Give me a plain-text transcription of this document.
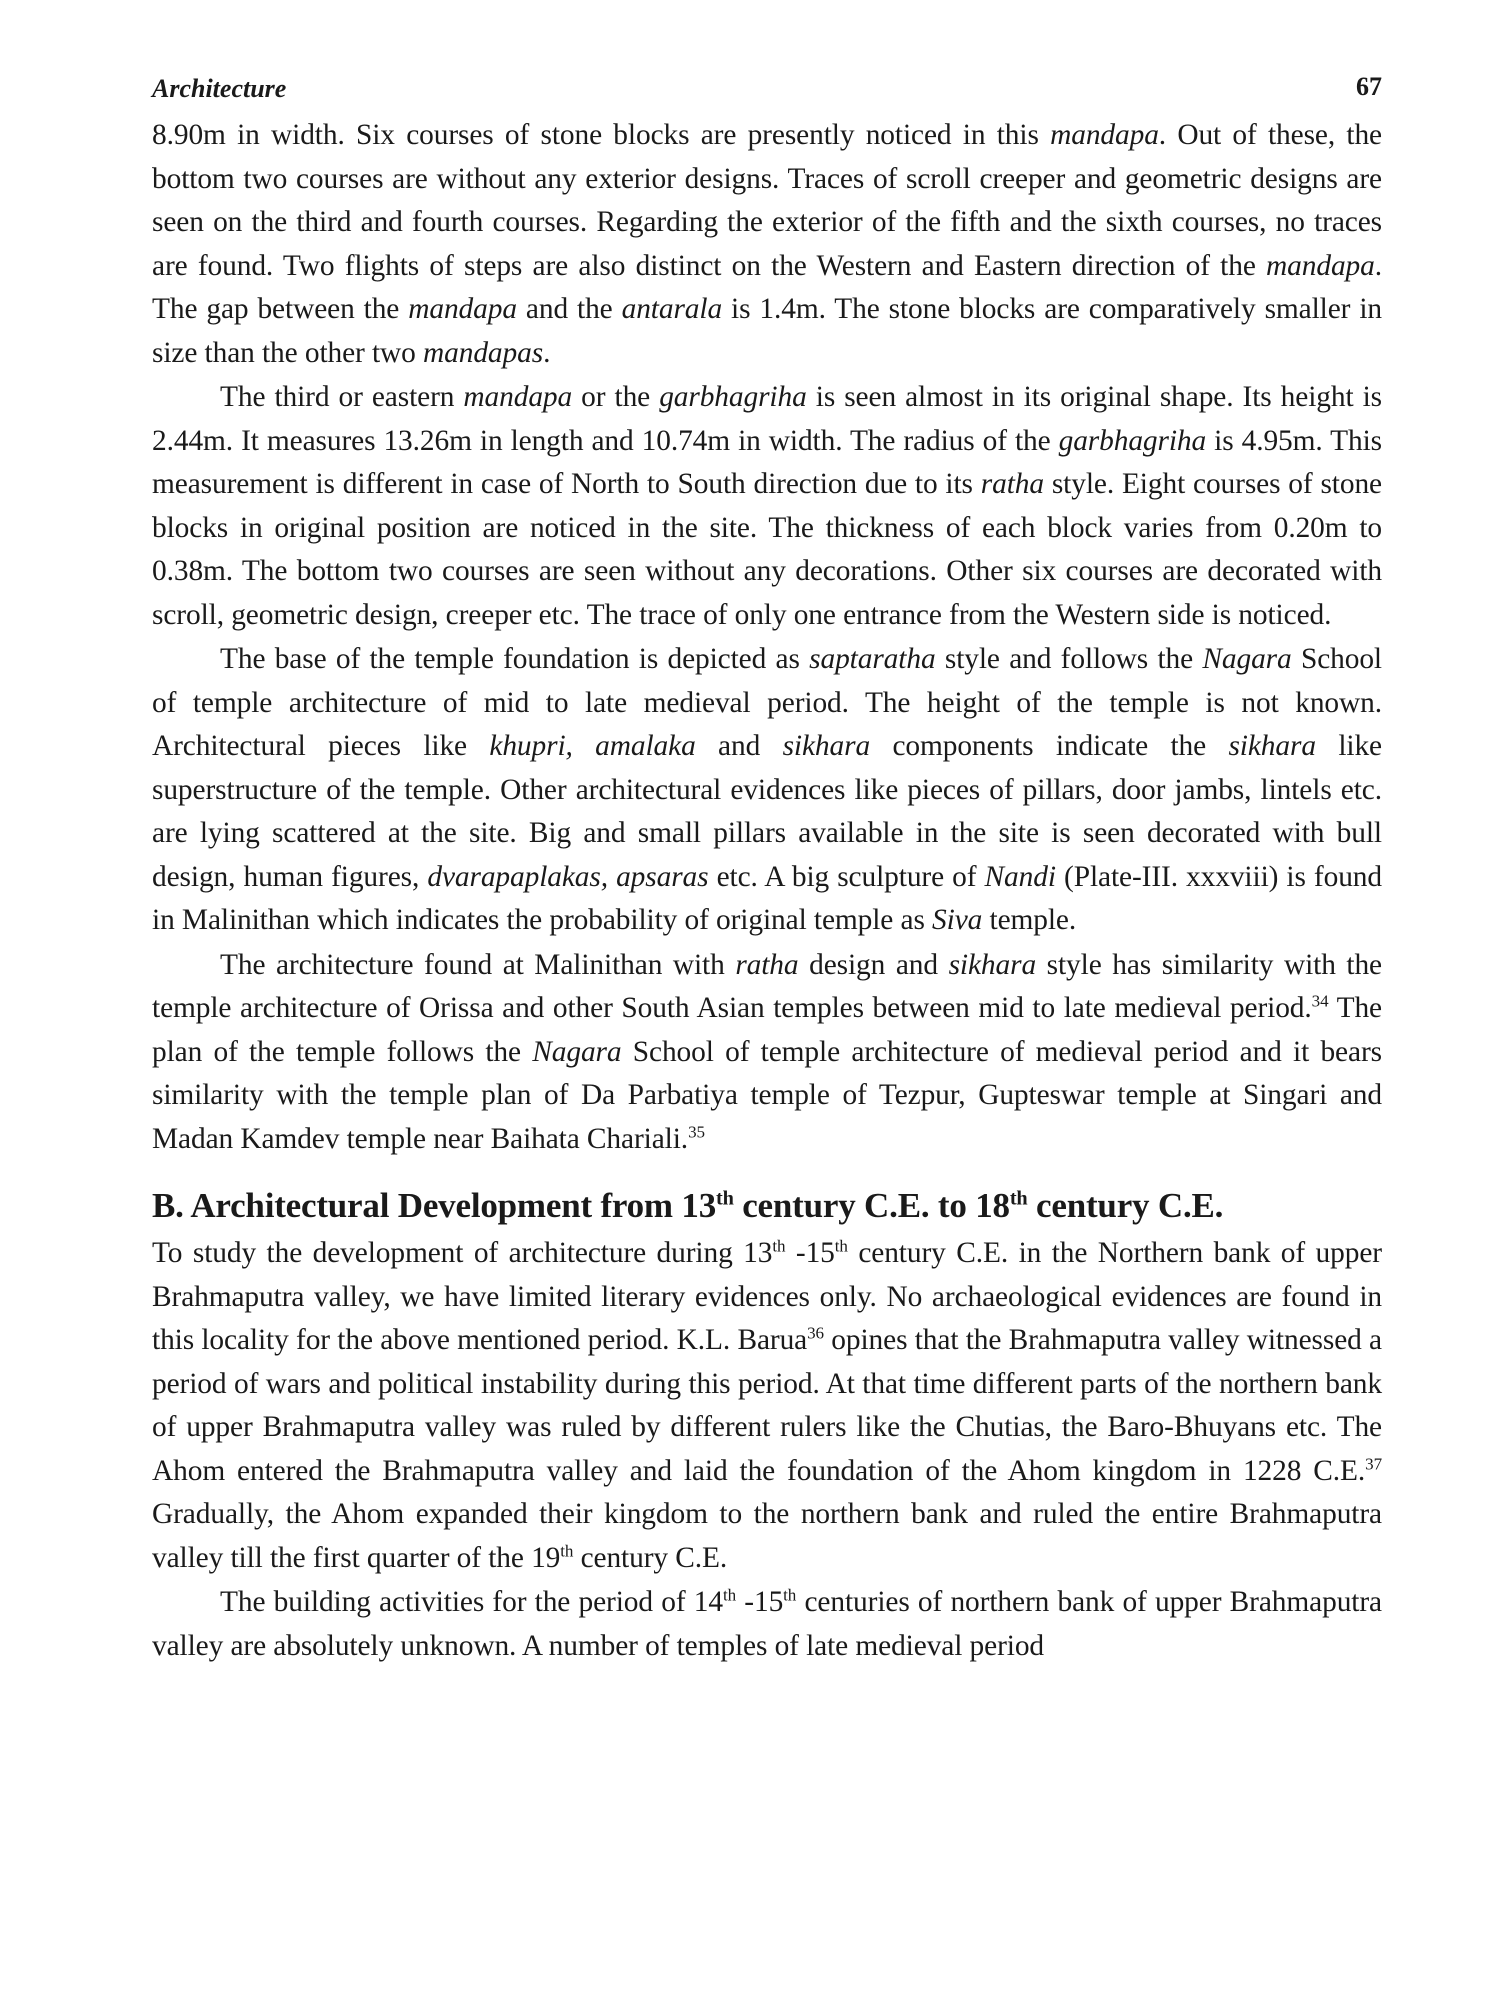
Architecture	67

8.90m in width. Six courses of stone blocks are presently noticed in this mandapa. Out of these, the bottom two courses are without any exterior designs. Traces of scroll creeper and geometric designs are seen on the third and fourth courses. Regarding the exterior of the fifth and the sixth courses, no traces are found. Two flights of steps are also distinct on the Western and Eastern direction of the mandapa. The gap between the mandapa and the antarala is 1.4m. The stone blocks are comparatively smaller in size than the other two mandapas.

The third or eastern mandapa or the garbhagriha is seen almost in its original shape. Its height is 2.44m. It measures 13.26m in length and 10.74m in width. The radius of the garbhagriha is 4.95m. This measurement is different in case of North to South direction due to its ratha style. Eight courses of stone blocks in original position are noticed in the site. The thickness of each block varies from 0.20m to 0.38m. The bottom two courses are seen without any decorations. Other six courses are decorated with scroll, geometric design, creeper etc. The trace of only one entrance from the Western side is noticed.

The base of the temple foundation is depicted as saptaratha style and follows the Nagara School of temple architecture of mid to late medieval period. The height of the temple is not known. Architectural pieces like khupri, amalaka and sikhara components indicate the sikhara like superstructure of the temple. Other architectural evidences like pieces of pillars, door jambs, lintels etc. are lying scattered at the site. Big and small pillars available in the site is seen decorated with bull design, human figures, dvarapaplakas, apsaras etc. A big sculpture of Nandi (Plate-III. xxxviii) is found in Malinithan which indicates the probability of original temple as Siva temple.

The architecture found at Malinithan with ratha design and sikhara style has similarity with the temple architecture of Orissa and other South Asian temples between mid to late medieval period.$^{34}$ The plan of the temple follows the Nagara School of temple architecture of medieval period and it bears similarity with the temple plan of Da Parbatiya temple of Tezpur, Gupteswar temple at Singari and Madan Kamdev temple near Baihata Chariali.$^{35}$

B. Architectural Development from 13th century C.E. to 18th century C.E.

To study the development of architecture during 13th -15th century C.E. in the Northern bank of upper Brahmaputra valley, we have limited literary evidences only. No archaeological evidences are found in this locality for the above mentioned period. K.L. Barua$^{36}$ opines that the Brahmaputra valley witnessed a period of wars and political instability during this period. At that time different parts of the northern bank of upper Brahmaputra valley was ruled by different rulers like the Chutias, the Baro-Bhuyans etc. The Ahom entered the Brahmaputra valley and laid the foundation of the Ahom kingdom in 1228 C.E.$^{37}$ Gradually, the Ahom expanded their kingdom to the northern bank and ruled the entire Brahmaputra valley till the first quarter of the 19th century C.E.

The building activities for the period of 14th -15th centuries of northern bank of upper Brahmaputra valley are absolutely unknown. A number of temples of late medieval period
